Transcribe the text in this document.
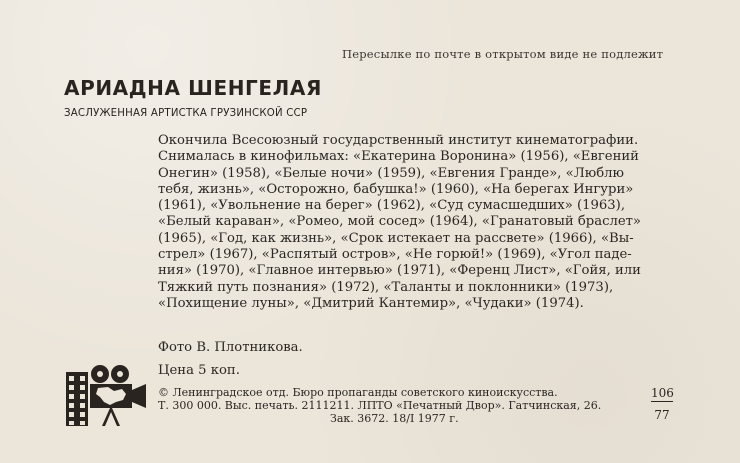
Пересылке по почте в открытом виде не подлежит
АРИАДНА ШЕНГЕЛАЯ
ЗАСЛУЖЕННАЯ АРТИСТКА ГРУЗИНСКОЙ ССР
Окончила Всесоюзный государственный институт кинематографии.
Снималась в кинофильмах: «Екатерина Воронина» (1956), «Евгений
Онегин» (1958), «Белые ночи» (1959), «Евгения Гранде», «Люблю
тебя, жизнь», «Осторожно, бабушка!» (1960), «На берегах Ингури»
(1961), «Увольнение на берег» (1962), «Суд сумасшедших» (1963),
«Белый караван», «Ромео, мой сосед» (1964), «Гранатовый браслет»
(1965), «Год, как жизнь», «Срок истекает на рассвете» (1966), «Вы-
стрел» (1967), «Распятый остров», «Не горюй!» (1969), «Угол паде-
ния» (1970), «Главное интервью» (1971), «Ференц Лист», «Гойя, или
Тяжкий путь познания» (1972), «Таланты и поклонники» (1973),
«Похищение луны», «Дмитрий Кантемир», «Чудаки» (1974).
Фото В. Плотникова.
Цена 5 коп.
© Ленинградское отд. Бюро пропаганды советского киноискусства.
Т. 300 000. Выс. печать. 2111211. ЛПТО «Печатный Двор». Гатчинская, 26.
Зак. 3672. 18/I 1977 г.	$\frac{106}{77}$
